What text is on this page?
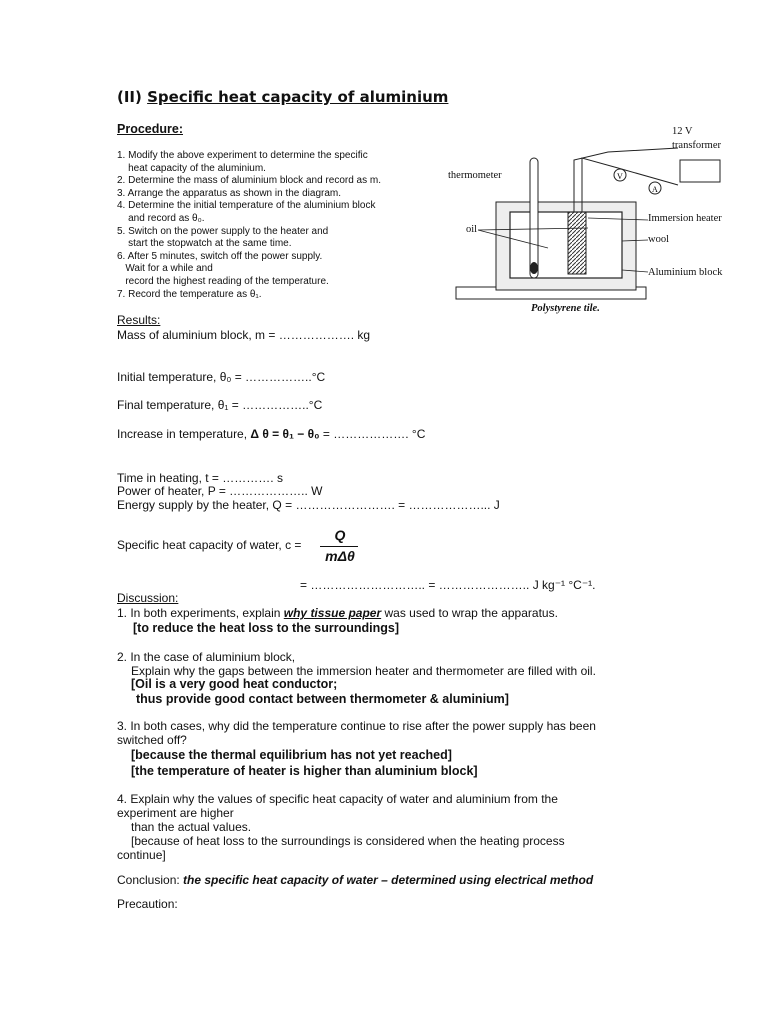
(II) Specific heat capacity of aluminium
Procedure:
1. Modify the above experiment to determine the specific
heat capacity of the aluminium.
2. Determine the mass of aluminium block and record as m.
3. Arrange the apparatus as shown in the diagram.
4. Determine the initial temperature of the aluminium block
and record as θ₀.
5. Switch on the power supply to the heater and
start the stopwatch at the same time.
6. After 5 minutes, switch off the power supply.
Wait for a while and
record the highest reading of the temperature.
7. Record the temperature as θ₁.
V
A
thermometer
12 V
transformer
oil
Immersion heater
wool
Aluminium block
Polystyrene tile.
Results:
Mass of aluminium block, m = ………………. kg
Initial temperature, θ₀ = ……………..°C
Final temperature, θ₁ = ……………..°C
Increase in temperature, Δ θ = θ₁ − θ₀ = ………………. °C
Time in heating, t = …………. s
Power of heater, P = ……………….. W
Energy supply by the heater, Q = ……………………. = ………………... J
Specific heat capacity of water, c =
Q
mΔθ
= ……………………….. = ………………….. J kg⁻¹ °C⁻¹.
Discussion:
1. In both experiments, explain why tissue paper was used to wrap the apparatus.
[to reduce the heat loss to the surroundings]
2. In the case of aluminium block,
Explain why the gaps between the immersion heater and thermometer are filled with oil.
[Oil is a very good heat conductor;
thus provide good contact between thermometer & aluminium]
3. In both cases, why did the temperature continue to rise after the power supply has been
switched off?
[because the thermal equilibrium has not yet reached]
[the temperature of heater is higher than aluminium block]
4. Explain why the values of specific heat capacity of water and aluminium from the
experiment are higher
than the actual values.
[because of heat loss to the surroundings is considered when the heating process
continue]
Conclusion: the specific heat capacity of water – determined using electrical method
Precaution:
